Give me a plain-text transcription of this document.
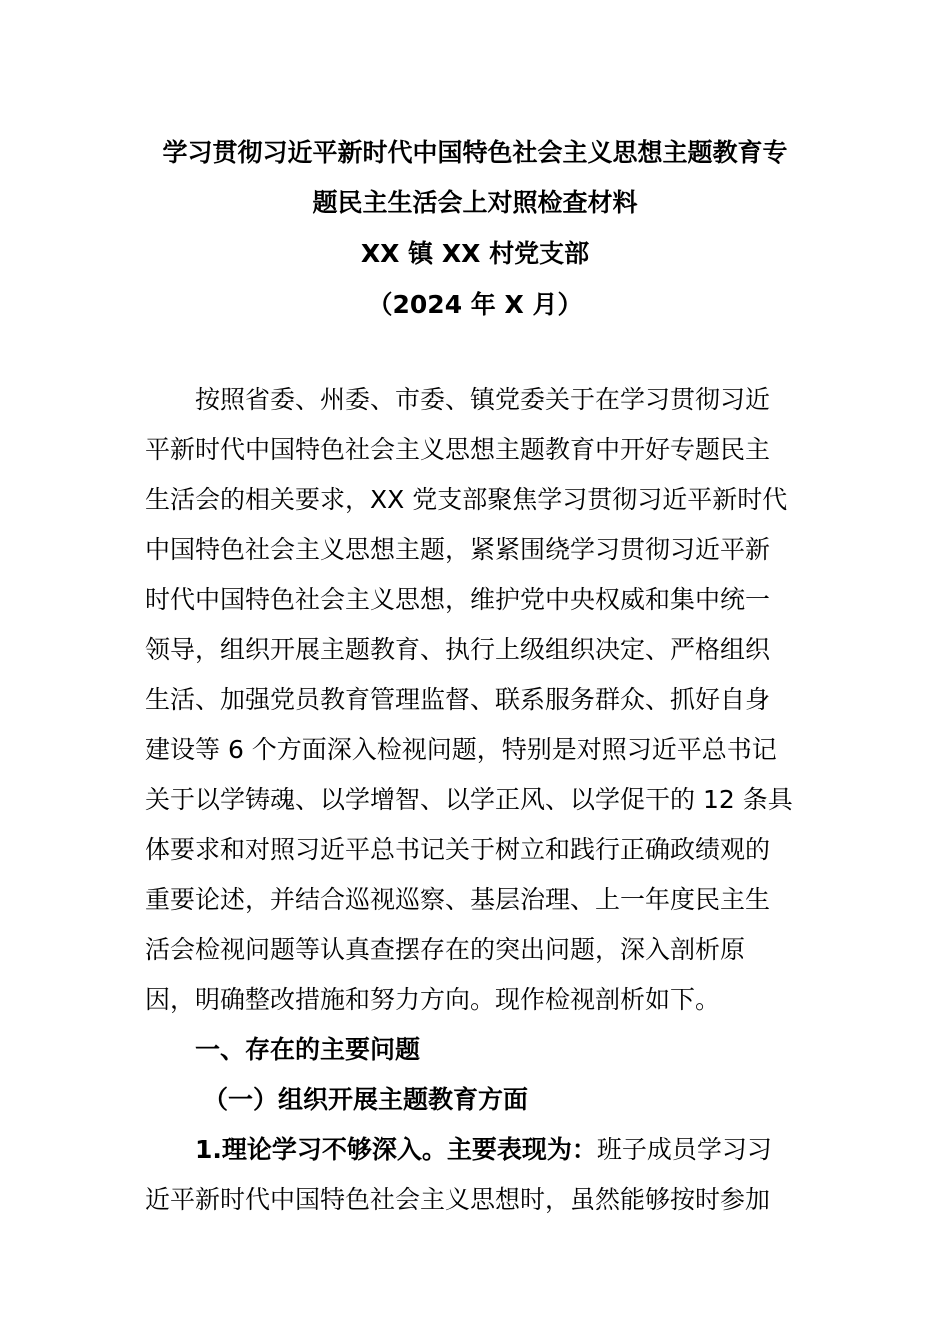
学习贯彻习近平新时代中国特色社会主义思想主题教育专
题民主生活会上对照检查材料
XX 镇 XX 村党支部
（2024 年 X 月）
按照省委、州委、市委、镇党委关于在学习贯彻习近
平新时代中国特色社会主义思想主题教育中开好专题民主
生活会的相关要求，XX 党支部聚焦学习贯彻习近平新时代
中国特色社会主义思想主题，紧紧围绕学习贯彻习近平新
时代中国特色社会主义思想，维护党中央权威和集中统一
领导，组织开展主题教育、执行上级组织决定、严格组织
生活、加强党员教育管理监督、联系服务群众、抓好自身
建设等 6 个方面深入检视问题，特别是对照习近平总书记
关于以学铸魂、以学增智、以学正风、以学促干的 12 条具
体要求和对照习近平总书记关于树立和践行正确政绩观的
重要论述，并结合巡视巡察、基层治理、上一年度民主生
活会检视问题等认真查摆存在的突出问题，深入剖析原
因，明确整改措施和努力方向。现作检视剖析如下。
一、存在的主要问题
（一）组织开展主题教育方面
1.理论学习不够深入。主要表现为：班子成员学习习
近平新时代中国特色社会主义思想时，虽然能够按时参加
